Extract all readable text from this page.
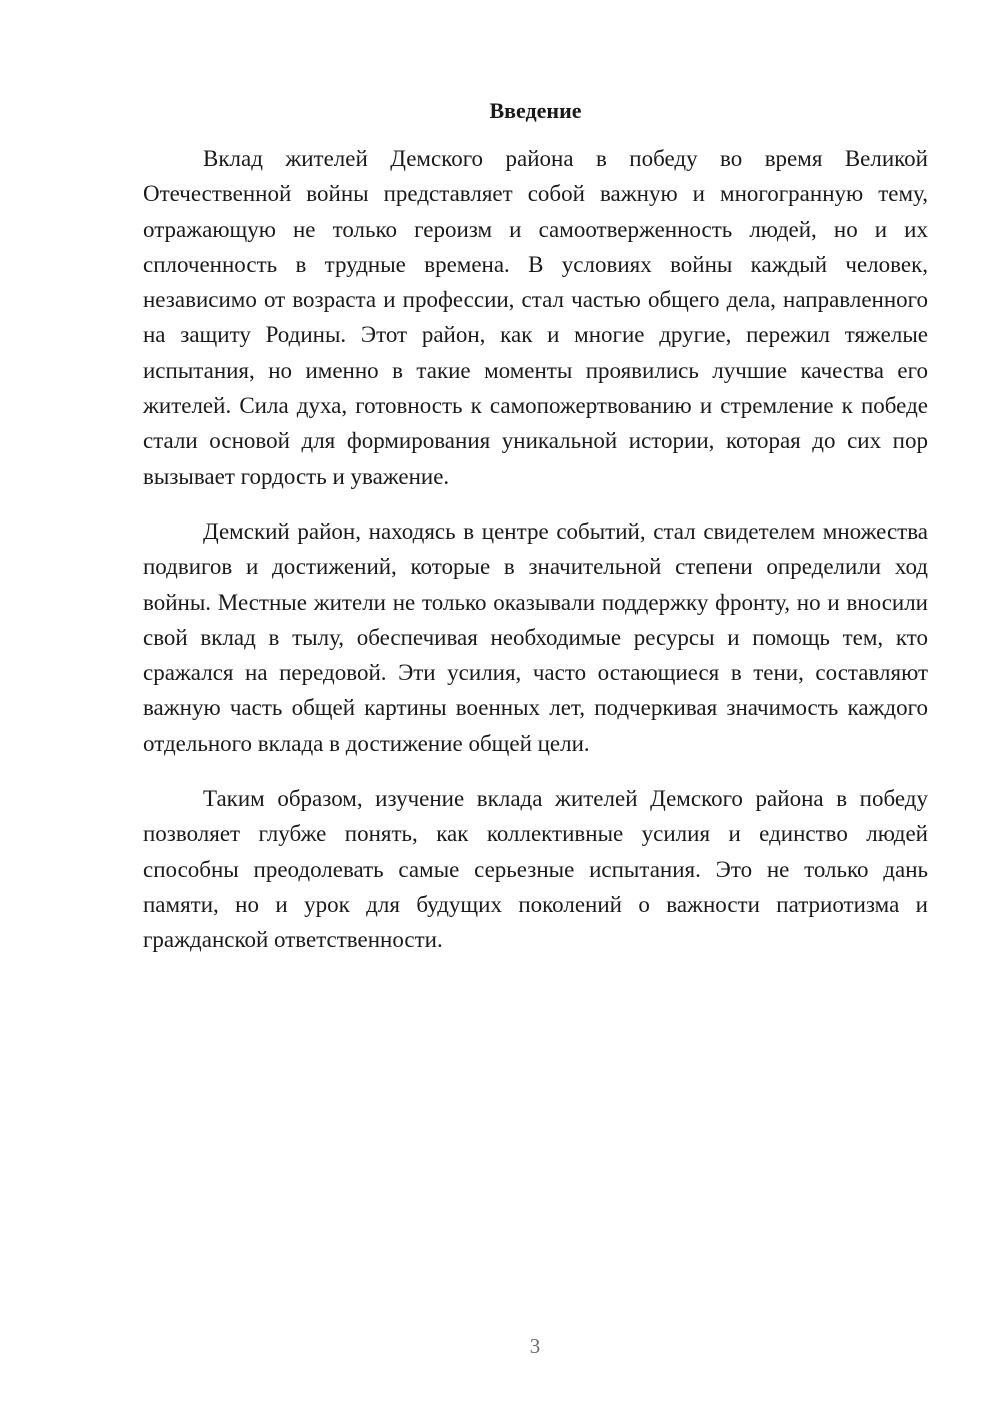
Введение

Вклад жителей Демского района в победу во время Великой Отечественной войны представляет собой важную и многогранную тему, отражающую не только героизм и самоотверженность людей, но и их сплоченность в трудные времена. В условиях войны каждый человек, независимо от возраста и профессии, стал частью общего дела, направленного на защиту Родины. Этот район, как и многие другие, пережил тяжелые испытания, но именно в такие моменты проявились лучшие качества его жителей. Сила духа, готовность к самопожертвованию и стремление к победе стали основой для формирования уникальной истории, которая до сих пор вызывает гордость и уважение.

Демский район, находясь в центре событий, стал свидетелем множества подвигов и достижений, которые в значительной степени определили ход войны. Местные жители не только оказывали поддержку фронту, но и вносили свой вклад в тылу, обеспечивая необходимые ресурсы и помощь тем, кто сражался на передовой. Эти усилия, часто остающиеся в тени, составляют важную часть общей картины военных лет, подчеркивая значимость каждого отдельного вклада в достижение общей цели.

Таким образом, изучение вклада жителей Демского района в победу позволяет глубже понять, как коллективные усилия и единство людей способны преодолевать самые серьезные испытания. Это не только дань памяти, но и урок для будущих поколений о важности патриотизма и гражданской ответственности.

3
